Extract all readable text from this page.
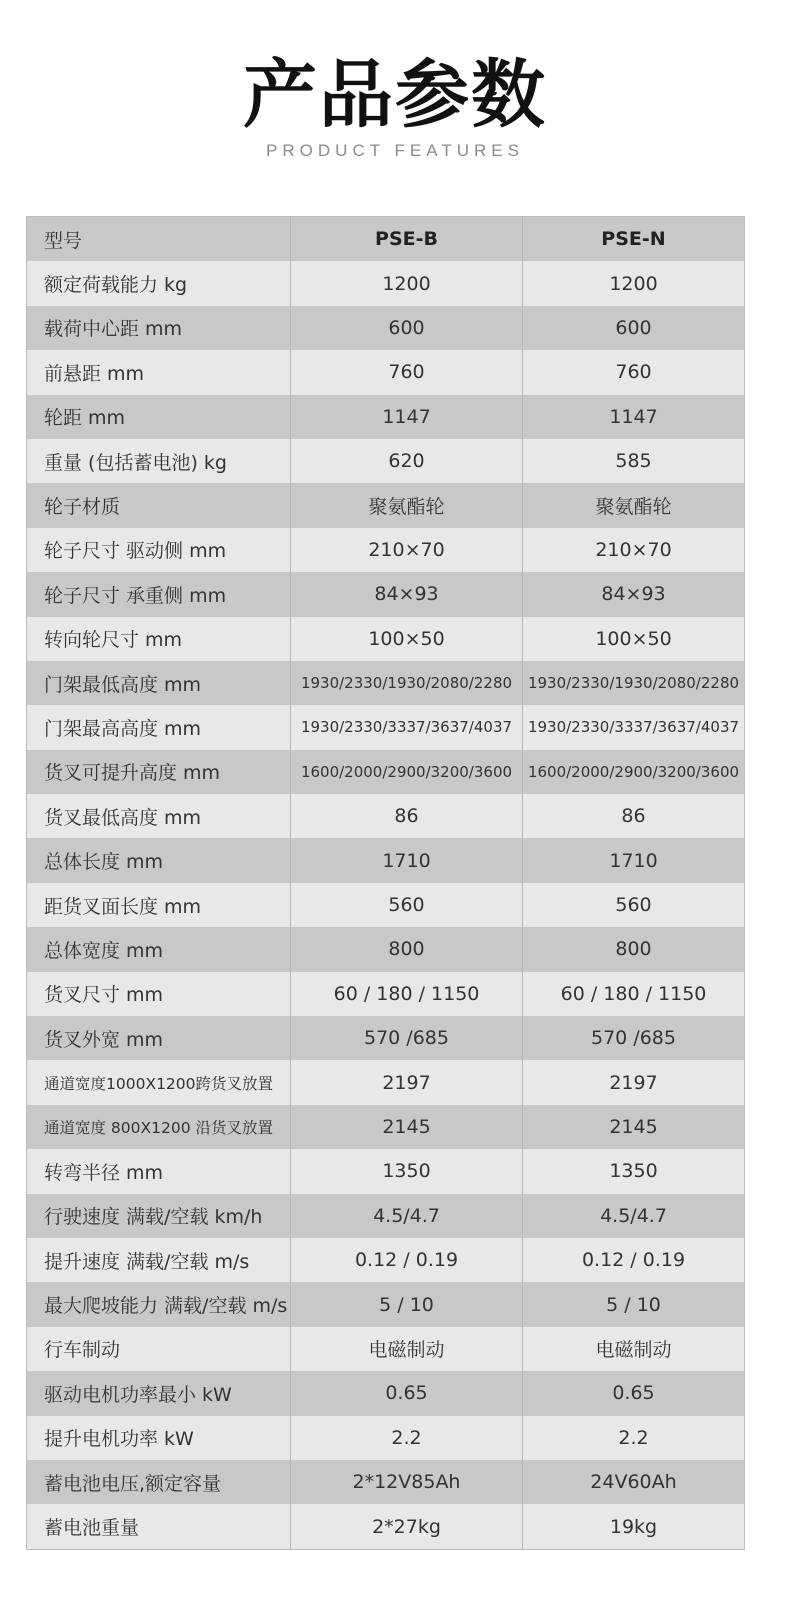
产品参数
PRODUCT FEATURES
型号	PSE-B	PSE-N
额定荷载能力 kg	1200	1200
载荷中心距 mm	600	600
前悬距 mm	760	760
轮距 mm	1147	1147
重量 (包括蓄电池) kg	620	585
轮子材质	聚氨酯轮	聚氨酯轮
轮子尺寸 驱动侧 mm	210×70	210×70
轮子尺寸 承重侧 mm	84×93	84×93
转向轮尺寸 mm	100×50	100×50
门架最低高度 mm	1930/2330/1930/2080/2280	1930/2330/1930/2080/2280
门架最高高度 mm	1930/2330/3337/3637/4037	1930/2330/3337/3637/4037
货叉可提升高度 mm	1600/2000/2900/3200/3600	1600/2000/2900/3200/3600
货叉最低高度 mm	86	86
总体长度 mm	1710	1710
距货叉面长度 mm	560	560
总体宽度 mm	800	800
货叉尺寸 mm	60 / 180 / 1150	60 / 180 / 1150
货叉外宽 mm	570 /685	570 /685
通道宽度1000X1200跨货叉放置	2197	2197
通道宽度 800X1200 沿货叉放置	2145	2145
转弯半径 mm	1350	1350
行驶速度 满载/空载 km/h	4.5/4.7	4.5/4.7
提升速度 满载/空载 m/s	0.12 / 0.19	0.12 / 0.19
最大爬坡能力 满载/空载 m/s	5 / 10	5 / 10
行车制动	电磁制动	电磁制动
驱动电机功率最小 kW	0.65	0.65
提升电机功率 kW	2.2	2.2
蓄电池电压,额定容量	2*12V85Ah	24V60Ah
蓄电池重量	2*27kg	19kg
